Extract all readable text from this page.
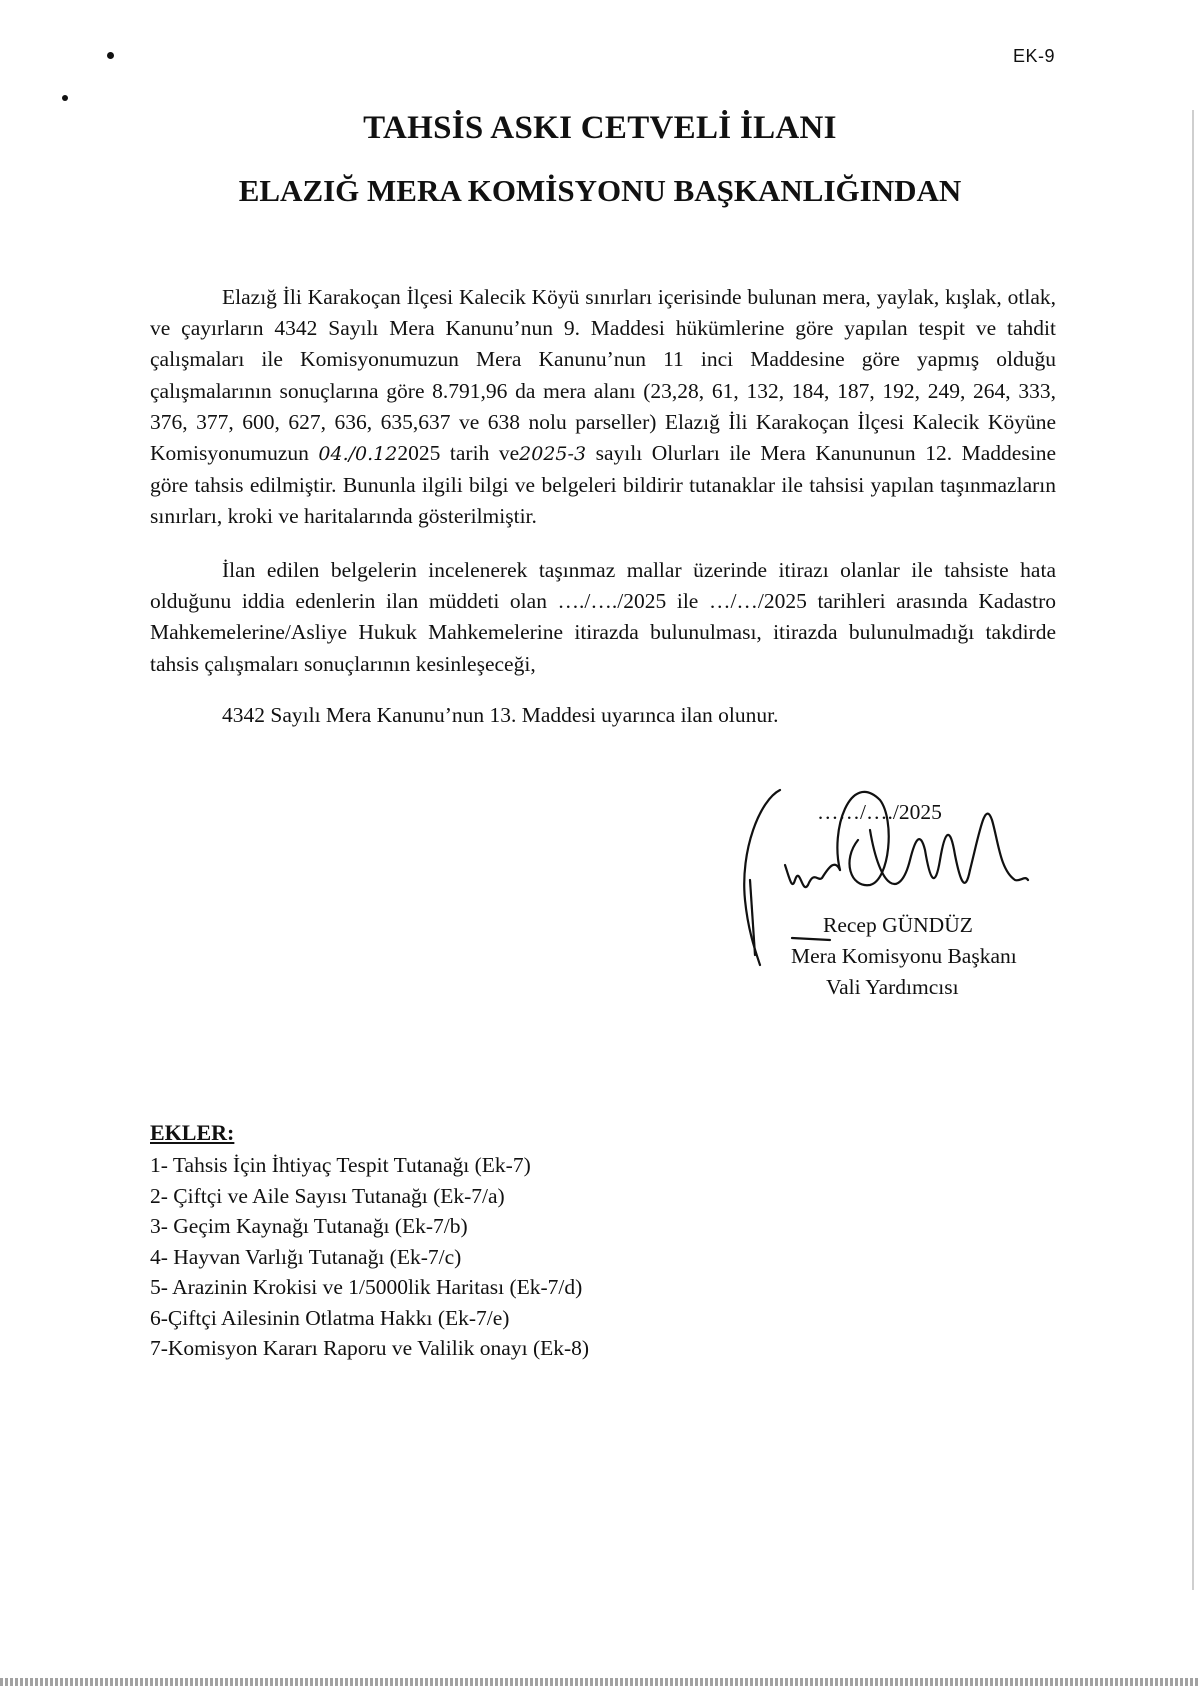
EK-9
TAHSİS ASKI CETVELİ İLANI
ELAZIĞ MERA KOMİSYONU BAŞKANLIĞINDAN

Elazığ İli Karakoçan İlçesi Kalecik Köyü sınırları içerisinde bulunan mera, yaylak, kışlak, otlak, ve çayırların 4342 Sayılı Mera Kanunu’nun 9. Maddesi hükümlerine göre yapılan tespit ve tahdit çalışmaları ile Komisyonumuzun Mera Kanunu’nun 11 inci Maddesine göre yapmış olduğu çalışmalarının sonuçlarına göre 8.791,96 da mera alanı (23,28, 61, 132, 184, 187, 192, 249, 264, 333, 376, 377, 600, 627, 636, 635,637 ve 638 nolu parseller) Elazığ İli Karakoçan İlçesi Kalecik Köyüne Komisyonumuzun 04./0.122025 tarih ve2025-3 sayılı Olurları ile Mera Kanununun 12. Maddesine göre tahsis edilmiştir. Bununla ilgili bilgi ve belgeleri bildirir tutanaklar ile tahsisi yapılan taşınmazların sınırları, kroki ve haritalarında gösterilmiştir.

İlan edilen belgelerin incelenerek taşınmaz mallar üzerinde itirazı olanlar ile tahsiste hata olduğunu iddia edenlerin ilan müddeti olan …./…./2025 ile …/…/2025 tarihleri arasında Kadastro Mahkemelerine/Asliye Hukuk Mahkemelerine itirazda bulunulması, itirazda bulunulmadığı takdirde tahsis çalışmaları sonuçlarının kesinleşeceği,

4342 Sayılı Mera Kanunu’nun 13. Maddesi uyarınca ilan olunur.
……/…./2025
Recep GÜNDÜZ
Mera Komisyonu Başkanı
Vali Yardımcısı
EKLER:
1- Tahsis İçin İhtiyaç Tespit Tutanağı (Ek-7)
2- Çiftçi ve Aile Sayısı Tutanağı (Ek-7/a)
3- Geçim Kaynağı Tutanağı (Ek-7/b)
4- Hayvan Varlığı Tutanağı (Ek-7/c)
5- Arazinin Krokisi ve 1/5000lik Haritası (Ek-7/d)
6-Çiftçi Ailesinin Otlatma Hakkı (Ek-7/e)
7-Komisyon Kararı Raporu ve Valilik onayı (Ek-8)
